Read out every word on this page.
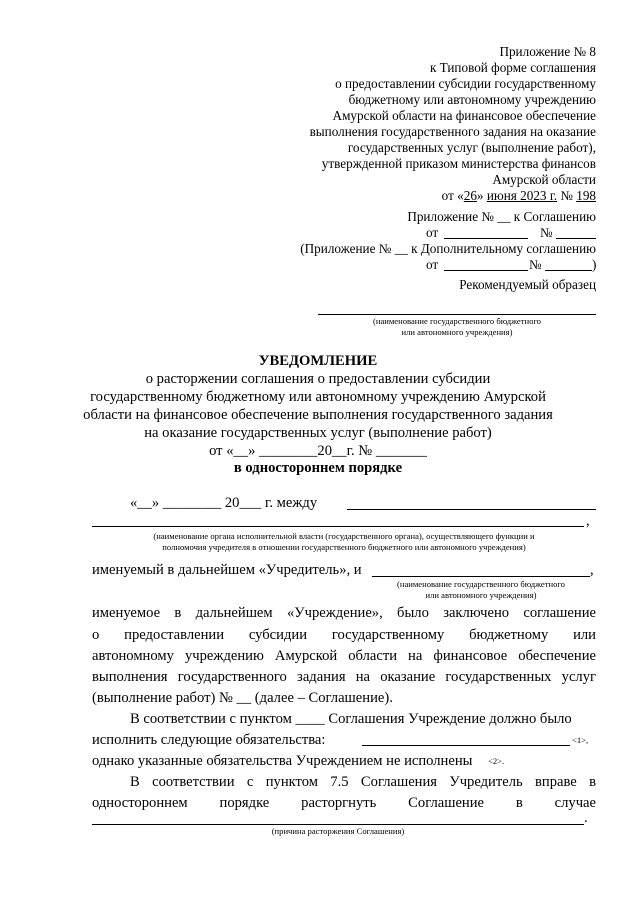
Приложение № 8
к Типовой форме соглашения
о предоставлении субсидии государственному
бюджетному или автономному учреждению
Амурской области на финансовое обеспечение
выполнения государственного задания на оказание
государственных услуг (выполнение работ),
утвержденной приказом министерства финансов
Амурской области
от «26» июня 2023 г. № 198
Приложение № __ к Соглашению
от	№
(Приложение № __ к Дополнительному соглашению
от	№	)
Рекомендуемый образец
(наименование государственного бюджетного
или автономного учреждения)
УВЕДОМЛЕНИЕ
о расторжении соглашения о предоставлении субсидии
государственному бюджетному или автономному учреждению Амурской
области на финансовое обеспечение выполнения государственного задания
на оказание государственных услуг (выполнение работ)
от «__» ________20__г. № _______
в одностороннем порядке
«__» ________ 20___ г. между
,
(наименование органа исполнительной власти (государственного органа), осуществляющего функции и
полномочия учредителя в отношении государственного бюджетного или автономного учреждения)
именуемый в дальнейшем «Учредитель», и	,
(наименование государственного бюджетного
или автономного учреждения)
именуемое в дальнейшем «Учреждение», было заключено соглашение
о предоставлении субсидии государственному бюджетному или
автономному учреждению Амурской области на финансовое обеспечение
выполнения государственного задания на оказание государственных услуг
(выполнение работ) № __ (далее – Соглашение).
В соответствии с пунктом ____ Соглашения Учреждение должно было
исполнить следующие обязательства:	<1>,
однако указанные обязательства Учреждением не исполнены <2>.
В соответствии с пунктом 7.5 Соглашения Учредитель вправе в
одностороннем порядке расторгнуть Соглашение в случае
.
(причина расторжения Соглашения)
